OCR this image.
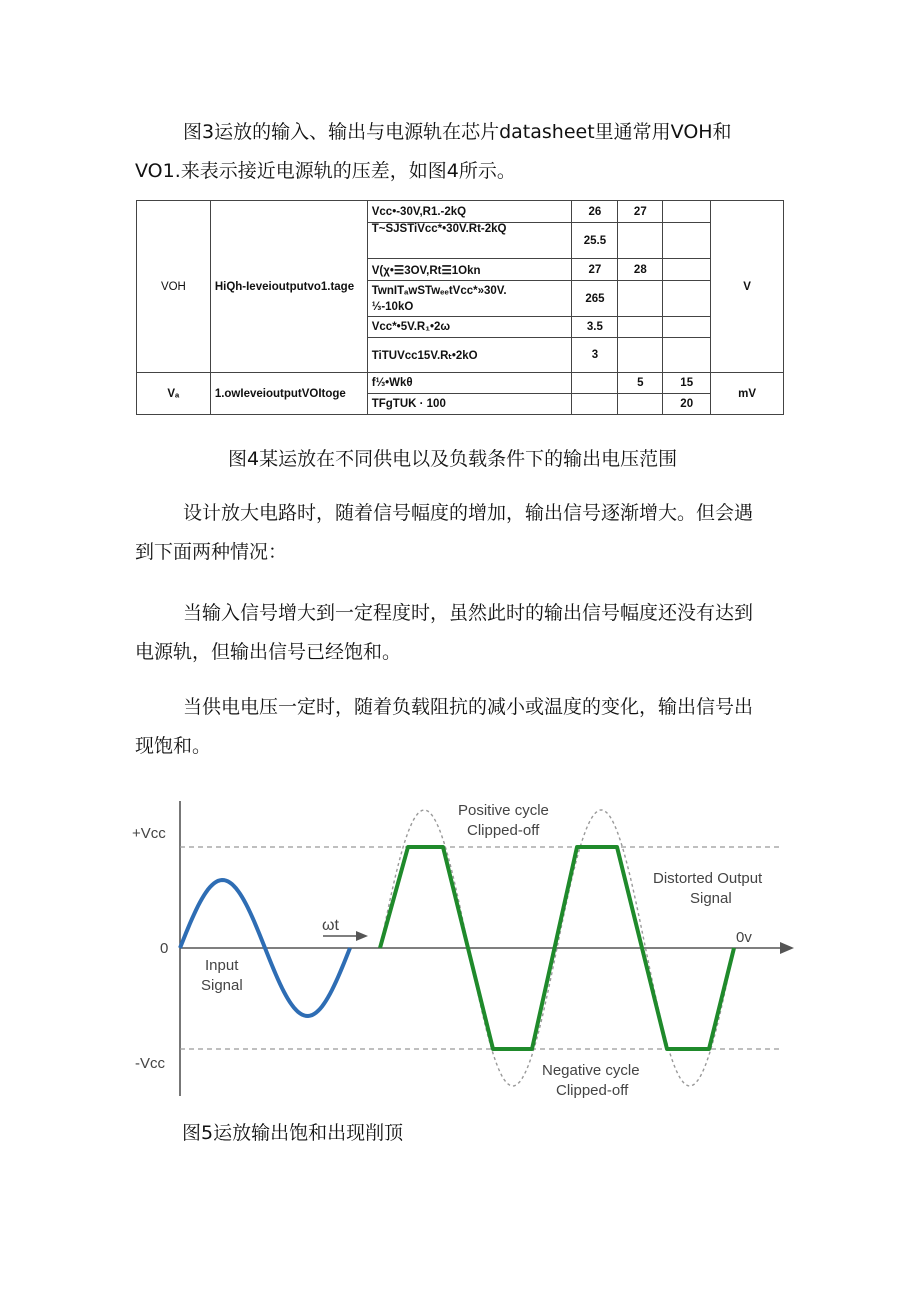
图3运放的输入、输出与电源轨在芯片datasheet里通常用VOH和
VO1.来表示接近电源轨的压差，如图4所示。

VOH	HiQh-Ieveioutputvo1.tage	Vcc•-30V,R1.-2kQ	26	27		V
		T~SJSTiVcc*•30V.Rt-2kQ	25.5			
		V(χ•☰3OV,Rt☰1Okn	27	28		
		TwnITₐwSTwₑₑtVcc*»30V.
⅓-10kO	265			
		Vcc*•5V.R₁•2ω	3.5			
		TiTUVᴄc15V.Rₜ•2kO	3			
Vₐ	1.owIeveioutputVOItoge	f⅓•Wkθ		5	15	mV
		TFgTUK · 100			20	

图4某运放在不同供电以及负载条件下的输出电压范围

设计放大电路时，随着信号幅度的增加，输出信号逐渐增大。但会遇
到下面两种情况：

当输入信号增大到一定程度时，虽然此时的输出信号幅度还没有达到
电源轨，但输出信号已经饱和。

当供电电压一定时，随着负载阻抗的减小或温度的变化，输出信号出
现饱和。

+Vcc
0
-Vcc
Input
Signal
ωt
Positive cycle
Clipped-off
Distorted Output
Signal
0v
Negative cycle
Clipped-off

图5运放输出饱和出现削顶
